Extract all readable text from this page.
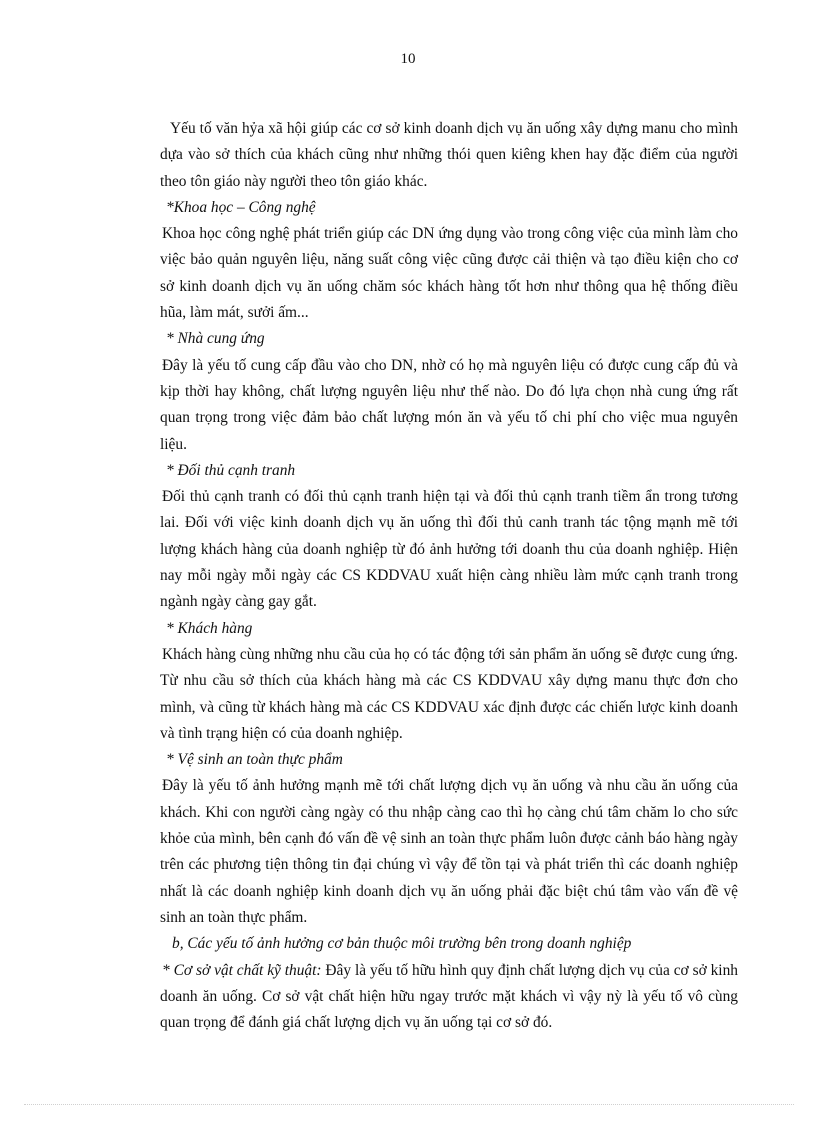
10

Yếu tố văn hỷa xã hội giúp các cơ sở kinh doanh dịch vụ ăn uống xây dựng manu cho mình dựa vào sở thích của khách cũng như những thói quen kiêng khen hay đặc điểm của người theo tôn giáo này người theo tôn giáo khác.

*Khoa học – Công nghệ

Khoa học công nghệ phát triển giúp các DN ứng dụng vào trong công việc của mình làm cho việc bảo quản nguyên liệu, năng suất công việc cũng được cải thiện và tạo điều kiện cho cơ sở kinh doanh dịch vụ ăn uống chăm sóc khách hàng tốt hơn như thông qua hệ thống điều hũa, làm mát, sưởi ấm...

* Nhà cung ứng

Đây là yếu tố cung cấp đầu vào cho DN, nhờ có họ mà nguyên liệu có được cung cấp đủ và kịp thời hay không, chất lượng nguyên liệu như thế nào. Do đó lựa chọn nhà cung ứng rất quan trọng trong việc đảm bảo chất lượng món ăn và yếu tố chi phí cho việc mua nguyên liệu.

* Đối thủ cạnh tranh

Đối thủ cạnh tranh có đối thủ cạnh tranh hiện tại và đối thủ cạnh tranh tiềm ẩn trong tương lai. Đối với việc kinh doanh dịch vụ ăn uống thì đối thủ canh tranh tác tộng mạnh mẽ tới lượng khách hàng của doanh nghiệp từ đó ảnh hưởng tới doanh thu của doanh nghiệp. Hiện nay mỗi ngày mỗi ngày các CS KDDVAU xuất hiện càng nhiều làm mức cạnh tranh trong ngành ngày càng gay gắt.

* Khách hàng

Khách hàng cùng những nhu cầu của họ có tác động tới sản phẩm ăn uống sẽ được cung ứng. Từ nhu cầu sở thích của khách hàng mà các CS KDDVAU xây dựng manu thực đơn cho mình, và cũng từ khách hàng mà các CS KDDVAU xác định được các chiến lược kinh doanh và tình trạng hiện có của doanh nghiệp.

* Vệ sinh an toàn thực phẩm

Đây là yếu tố ảnh hưởng mạnh mẽ tới chất lượng dịch vụ ăn uống và nhu cầu ăn uống của khách. Khi con người càng ngày có thu nhập càng cao thì họ càng chú tâm chăm lo cho sức khỏe của mình, bên cạnh đó vấn đề vệ sinh an toàn thực phẩm luôn được cảnh báo hàng ngày trên các phương tiện thông tin đại chúng vì vậy để tồn tại và phát triển thì các doanh nghiệp nhất là các doanh nghiệp kinh doanh dịch vụ ăn uống phải đặc biệt chú tâm vào vấn đề vệ sinh an toàn thực phẩm.

b, Các yếu tố ảnh hưởng cơ bản thuộc môi trường bên trong doanh nghiệp

* Cơ sở vật chất kỹ thuật: Đây là yếu tố hữu hình quy định chất lượng dịch vụ của cơ sở kinh doanh ăn uống. Cơ sở vật chất hiện hữu ngay trước mặt khách vì vậy nỳ là yếu tố vô cùng quan trọng để đánh giá chất lượng dịch vụ ăn uống tại cơ sở đó.
